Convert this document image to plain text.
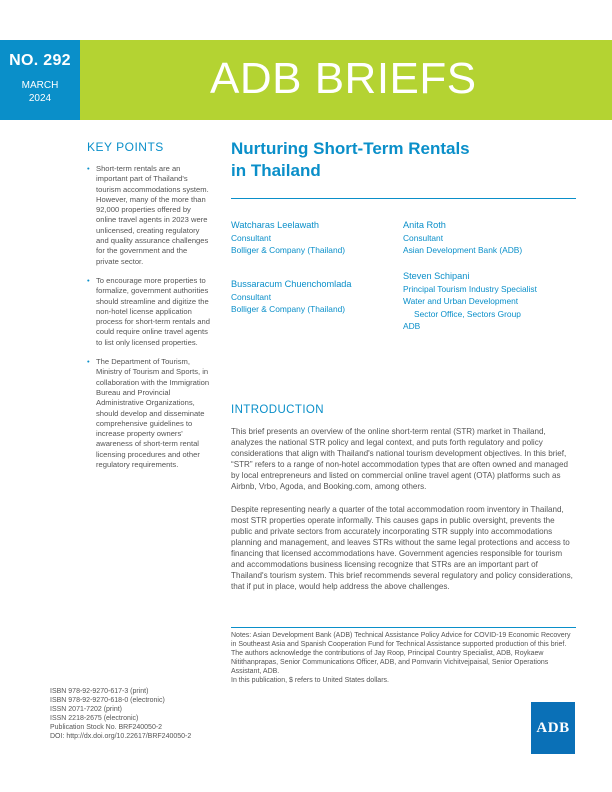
NO. 292
MARCH
2024	ADB BRIEFS
KEY POINTS
• Short-term rentals are an important part of Thailand's tourism accommodations system. However, many of the more than 92,000 properties offered by online travel agents in 2023 were unlicensed, creating regulatory and quality assurance challenges for the government and the private sector.
• To encourage more properties to formalize, government authorities should streamline and digitize the non-hotel license application process for short-term rentals and could require online travel agents to list only licensed properties.
• The Department of Tourism, Ministry of Tourism and Sports, in collaboration with the Immigration Bureau and Provincial Administrative Organizations, should develop and disseminate comprehensive guidelines to increase property owners' awareness of short-term rental licensing procedures and other regulatory requirements.
ISBN 978-92-9270-617-3 (print)
ISBN 978-92-9270-618-0 (electronic)
ISSN 2071-7202 (print)
ISSN 2218-2675 (electronic)
Publication Stock No. BRF240050-2
DOI: http://dx.doi.org/10.22617/BRF240050-2
Nurturing Short-Term Rentals
in Thailand
Watcharas Leelawath
Consultant
Bolliger & Company (Thailand)
Bussaracum Chuenchomlada
Consultant
Bolliger & Company (Thailand)
Anita Roth
Consultant
Asian Development Bank (ADB)
Steven Schipani
Principal Tourism Industry Specialist
Water and Urban Development
Sector Office, Sectors Group
ADB
INTRODUCTION

This brief presents an overview of the online short-term rental (STR) market in Thailand, analyzes the national STR policy and legal context, and puts forth regulatory and policy considerations that align with Thailand's national tourism development objectives. In this brief, “STR” refers to a range of non-hotel accommodation types that are often owned and managed by local entrepreneurs and listed on commercial online travel agent (OTA) platforms such as Airbnb, Vrbo, Agoda, and Booking.com, among others.

Despite representing nearly a quarter of the total accommodation room inventory in Thailand, most STR properties operate informally. This causes gaps in public oversight, prevents the public and private sectors from accurately incorporating STR supply into accommodations planning and management, and leaves STRs without the same legal protections and access to financing that licensed accommodations have. Government agencies responsible for tourism and accommodations business licensing recognize that STRs are an important part of Thailand's tourism system. This brief recommends several regulatory and policy considerations, that if put in place, would help address the above challenges.

Notes: Asian Development Bank (ADB) Technical Assistance Policy Advice for COVID-19 Economic Recovery in Southeast Asia and Spanish Cooperation Fund for Technical Assistance supported production of this brief. The authors acknowledge the contributions of Jay Roop, Principal Country Specialist, ADB, Roykaew Nitithanprapas, Senior Communications Officer, ADB, and Pornvarin Vichitvejpaisal, Senior Operations Assistant, ADB.
In this publication, $ refers to United States dollars.
ADB
